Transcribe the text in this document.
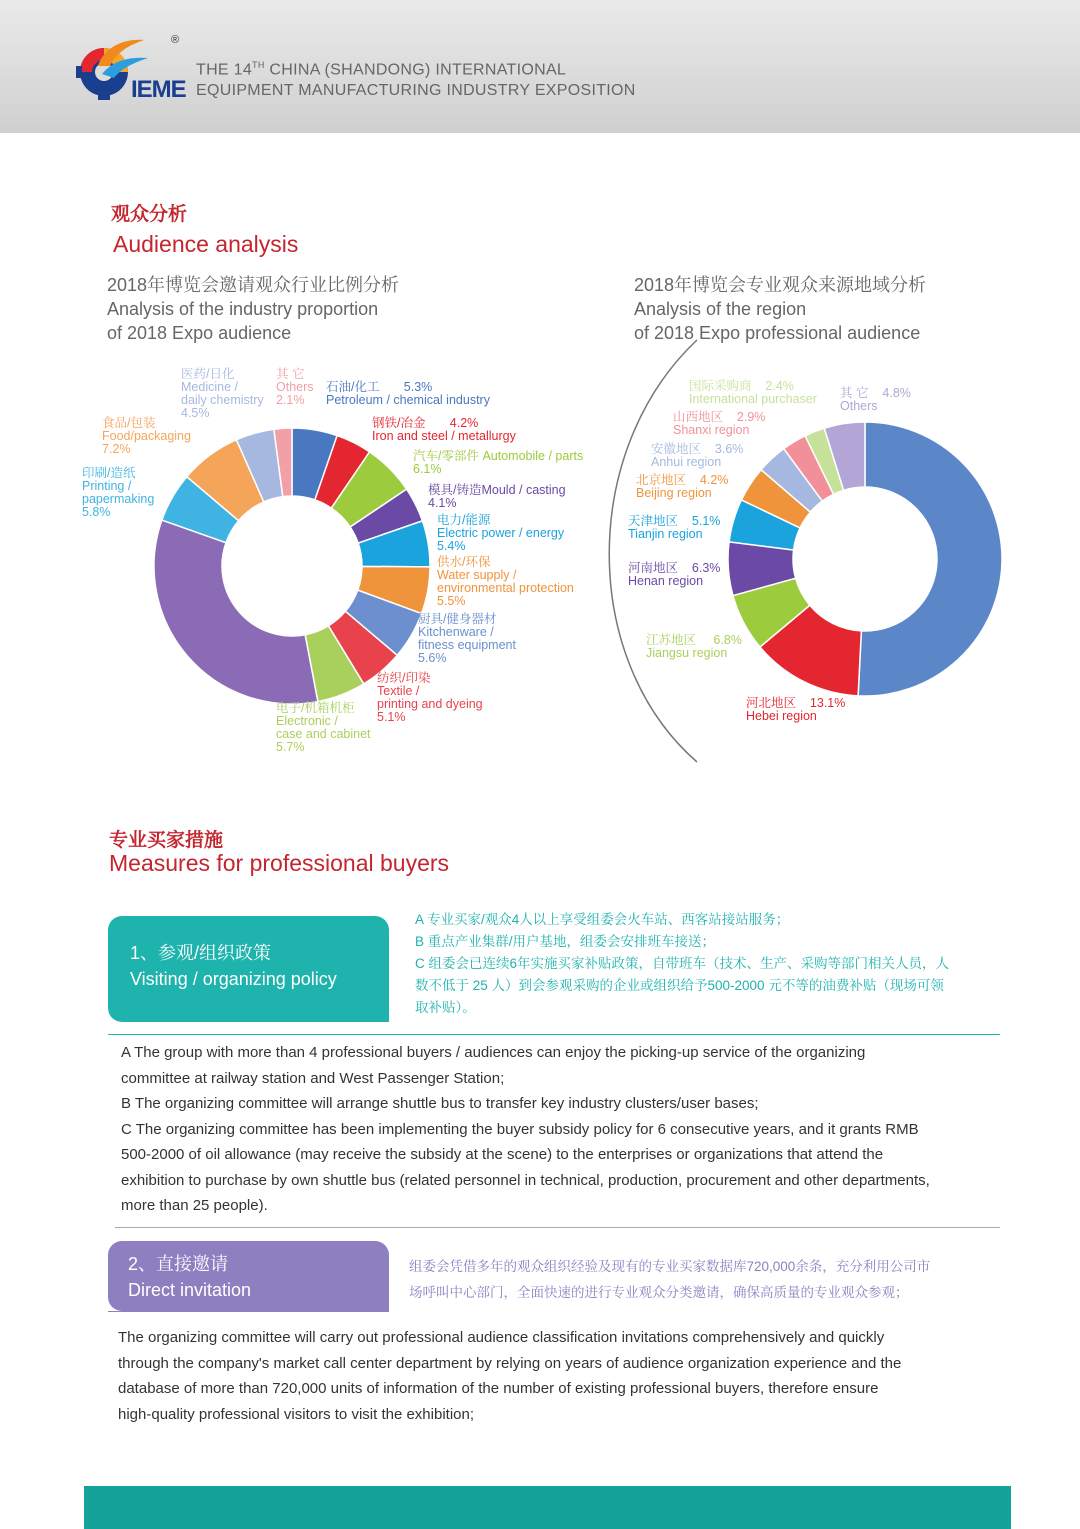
IEME
®
THE 14TH CHINA (SHANDONG) INTERNATIONAL
EQUIPMENT MANUFACTURING INDUSTRY EXPOSITION
观众分析
Audience analysis
2018年博览会邀请观众行业比例分析
Analysis of the industry proportion
of 2018 Expo audience
2018年博览会专业观众来源地域分析
Analysis of the region
of 2018 Expo professional audience
机械制造
Machinery
manufacturing
33.4%
石油/化工 5.3%
Petroleum / chemical industry
钢铁/冶金 4.2%
Iron and steel / metallurgy
汽车/零部件 Automobile / parts
6.1%
模具/铸造Mould / casting
4.1%
电力/能源
Electric power / energy
5.4%
供水/环保
Water supply /
environmental protection
5.5%
厨具/健身器材
Kitchenware /
fitness equipment
5.6%
纺织/印染
Textile /
printing and dyeing
5.1%
电子/机箱机柜
Electronic /
case and cabinet
5.7%
印刷/造纸
Printing /
papermaking
5.8%
食品/包装
Food/packaging
7.2%
医药/日化
Medicine /
daily chemistry
4.5%
其 它
Others
2.1%
山东地区
Shandong region
50.8%
河北地区 13.1%
Hebei region
江苏地区 6.8%
Jiangsu region
河南地区 6.3%
Henan region
天津地区 5.1%
Tianjin region
北京地区 4.2%
Beijing region
安徽地区 3.6%
Anhui region
山西地区 2.9%
Shanxi region
国际采购商 2.4%
International purchaser 其 它 4.8%
Others
专业买家措施
Measures for professional buyers
1、参观/组织政策
Visiting / organizing policy
A 专业买家/观众4人以上享受组委会火车站、西客站接站服务；
B 重点产业集群/用户基地，组委会安排班车接送；
C 组委会已连续6年实施买家补贴政策，自带班车（技术、生产、采购等部门相关人员，人
数不低于 25 人）到会参观采购的企业或组织给予500-2000 元不等的油费补贴（现场可领
取补贴）。
A The group with more than 4 professional buyers / audiences can enjoy the picking-up service of the organizing
committee at railway station and West Passenger Station;
B The organizing committee will arrange shuttle bus to transfer key industry clusters/user bases;
C The organizing committee has been implementing the buyer subsidy policy for 6 consecutive years, and it grants RMB
500-2000 of oil allowance (may receive the subsidy at the scene) to the enterprises or organizations that attend the
exhibition to purchase by own shuttle bus (related personnel in technical, production, procurement and other departments,
more than 25 people).
2、直接邀请
Direct invitation
组委会凭借多年的观众组织经验及现有的专业买家数据库720,000余条，充分利用公司市
场呼叫中心部门，全面快速的进行专业观众分类邀请，确保高质量的专业观众参观；
The organizing committee will carry out professional audience classification invitations comprehensively and quickly
through the company's market call center department by relying on years of audience organization experience and the
database of more than 720,000 units of information of the number of existing professional buyers, therefore ensure
high-quality professional visitors to visit the exhibition;
